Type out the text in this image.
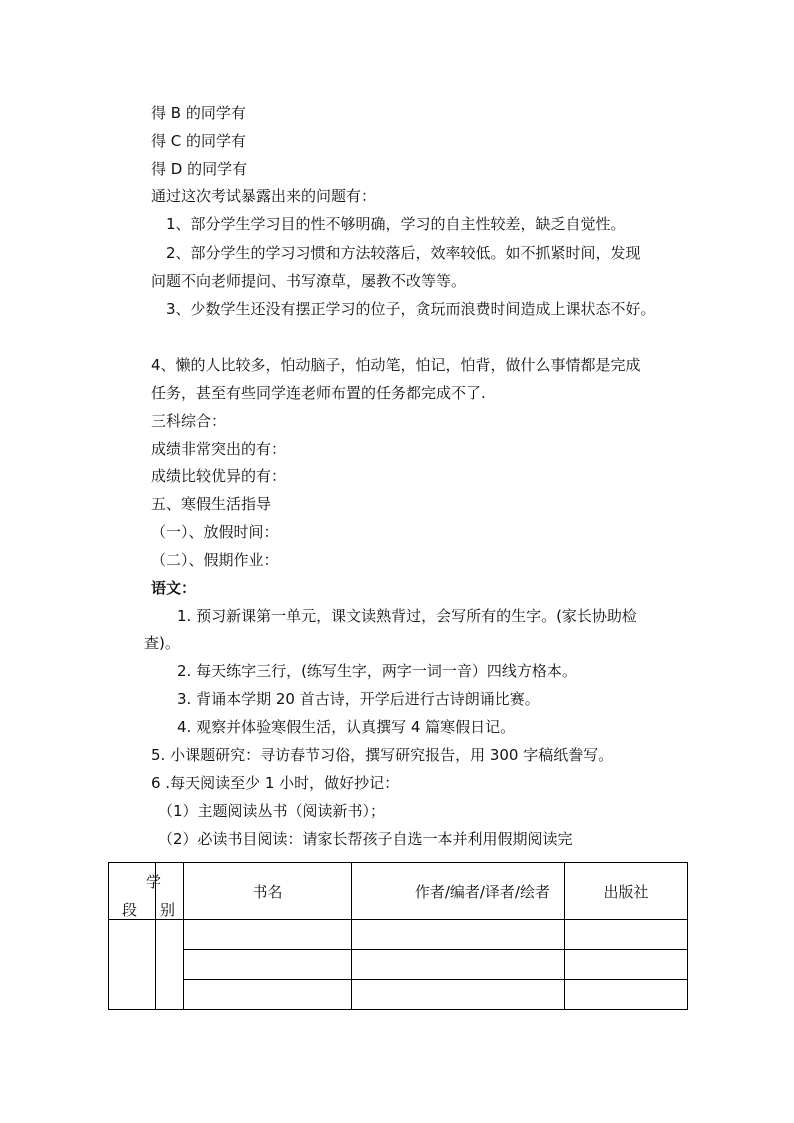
得 B 的同学有
得 C 的同学有
得 D 的同学有
通过这次考试暴露出来的问题有：
1、部分学生学习目的性不够明确，学习的自主性较差，缺乏自觉性。
2、部分学生的学习习惯和方法较落后，效率较低。如不抓紧时间，发现
问题不向老师提问、书写潦草，屡教不改等等。
3、少数学生还没有摆正学习的位子，贪玩而浪费时间造成上课状态不好。
4、懒的人比较多，怕动脑子，怕动笔，怕记，怕背，做什么事情都是完成
任务，甚至有些同学连老师布置的任务都完成不了.
三科综合：
成绩非常突出的有：
成绩比较优异的有：
五、寒假生活指导
（一）、放假时间：
（二）、假期作业：
语文：
1. 预习新课第一单元，课文读熟背过，会写所有的生字。(家长协助检
查)。
2. 每天练字三行，(练写生字，两字一词一音）四线方格本。
3. 背诵本学期 20 首古诗，开学后进行古诗朗诵比赛。
4. 观察并体验寒假生活，认真撰写 4 篇寒假日记。
5. 小课题研究：寻访春节习俗，撰写研究报告，用 300 字稿纸誊写。
6 .每天阅读至少 1 小时，做好抄记：
（1）主题阅读丛书（阅读新书）；
（2）必读书目阅读：请家长帮孩子自选一本并利用假期阅读完
学
段	别	书名	作者/编者/译者/绘者	出版社
